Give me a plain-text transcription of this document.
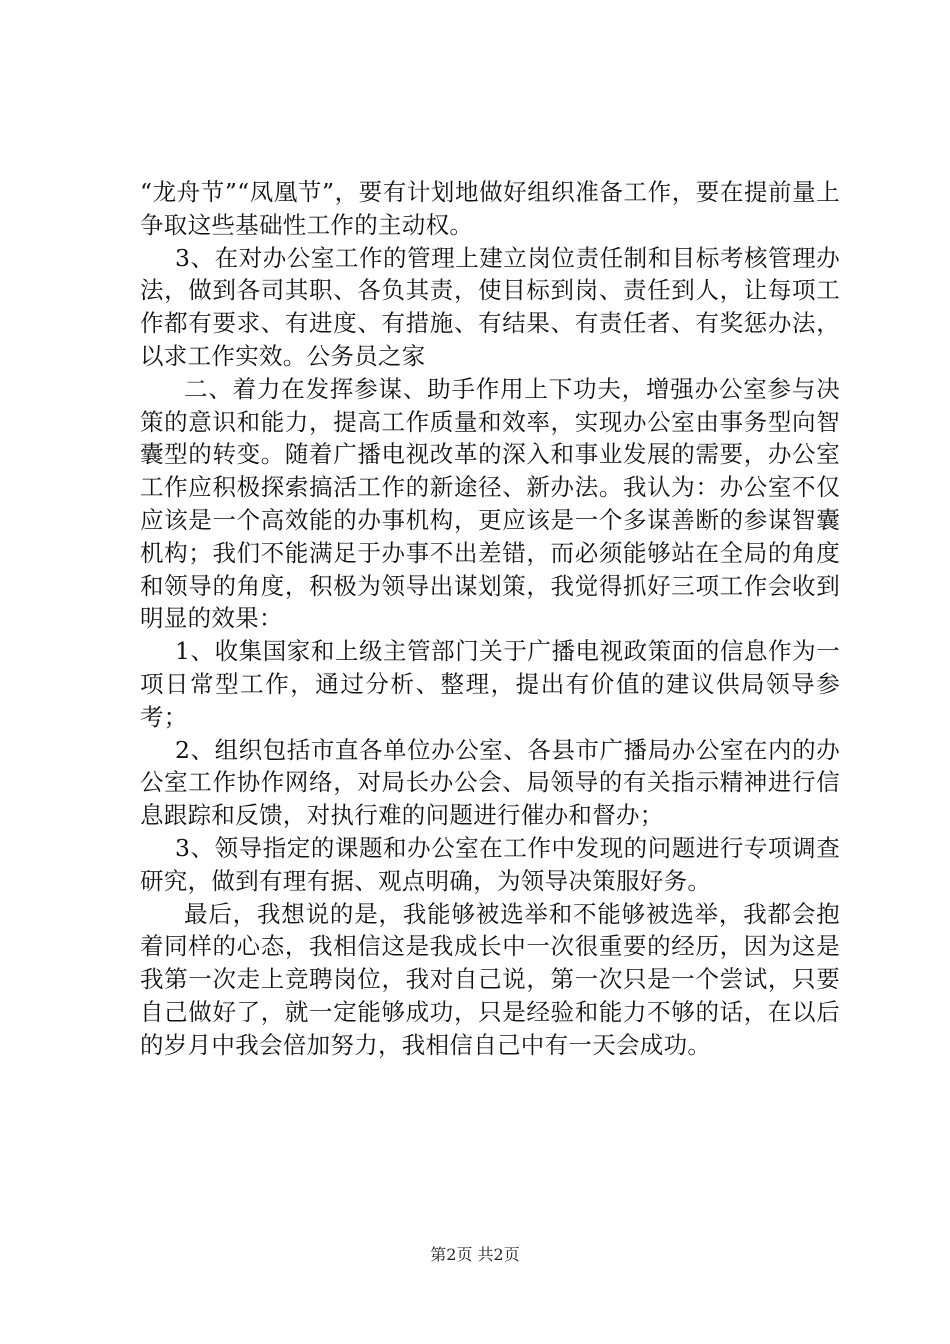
“龙舟节”“凤凰节”，要有计划地做好组织准备工作，要在提前量上争取这些基础性工作的主动权。

3、在对办公室工作的管理上建立岗位责任制和目标考核管理办法，做到各司其职、各负其责，使目标到岗、责任到人，让每项工作都有要求、有进度、有措施、有结果、有责任者、有奖惩办法，以求工作实效。公务员之家

二、着力在发挥参谋、助手作用上下功夫，增强办公室参与决策的意识和能力，提高工作质量和效率，实现办公室由事务型向智囊型的转变。随着广播电视改革的深入和事业发展的需要，办公室工作应积极探索搞活工作的新途径、新办法。我认为：办公室不仅应该是一个高效能的办事机构，更应该是一个多谋善断的参谋智囊机构；我们不能满足于办事不出差错，而必须能够站在全局的角度和领导的角度，积极为领导出谋划策，我觉得抓好三项工作会收到明显的效果：

1、收集国家和上级主管部门关于广播电视政策面的信息作为一项日常型工作，通过分析、整理，提出有价值的建议供局领导参考；

2、组织包括市直各单位办公室、各县市广播局办公室在内的办公室工作协作网络，对局长办公会、局领导的有关指示精神进行信息跟踪和反馈，对执行难的问题进行催办和督办；

3、领导指定的课题和办公室在工作中发现的问题进行专项调查研究，做到有理有据、观点明确，为领导决策服好务。

最后，我想说的是，我能够被选举和不能够被选举，我都会抱着同样的心态，我相信这是我成长中一次很重要的经历，因为这是我第一次走上竞聘岗位，我对自己说，第一次只是一个尝试，只要自己做好了，就一定能够成功，只是经验和能力不够的话，在以后的岁月中我会倍加努力，我相信自己中有一天会成功。

第2页 共2页
